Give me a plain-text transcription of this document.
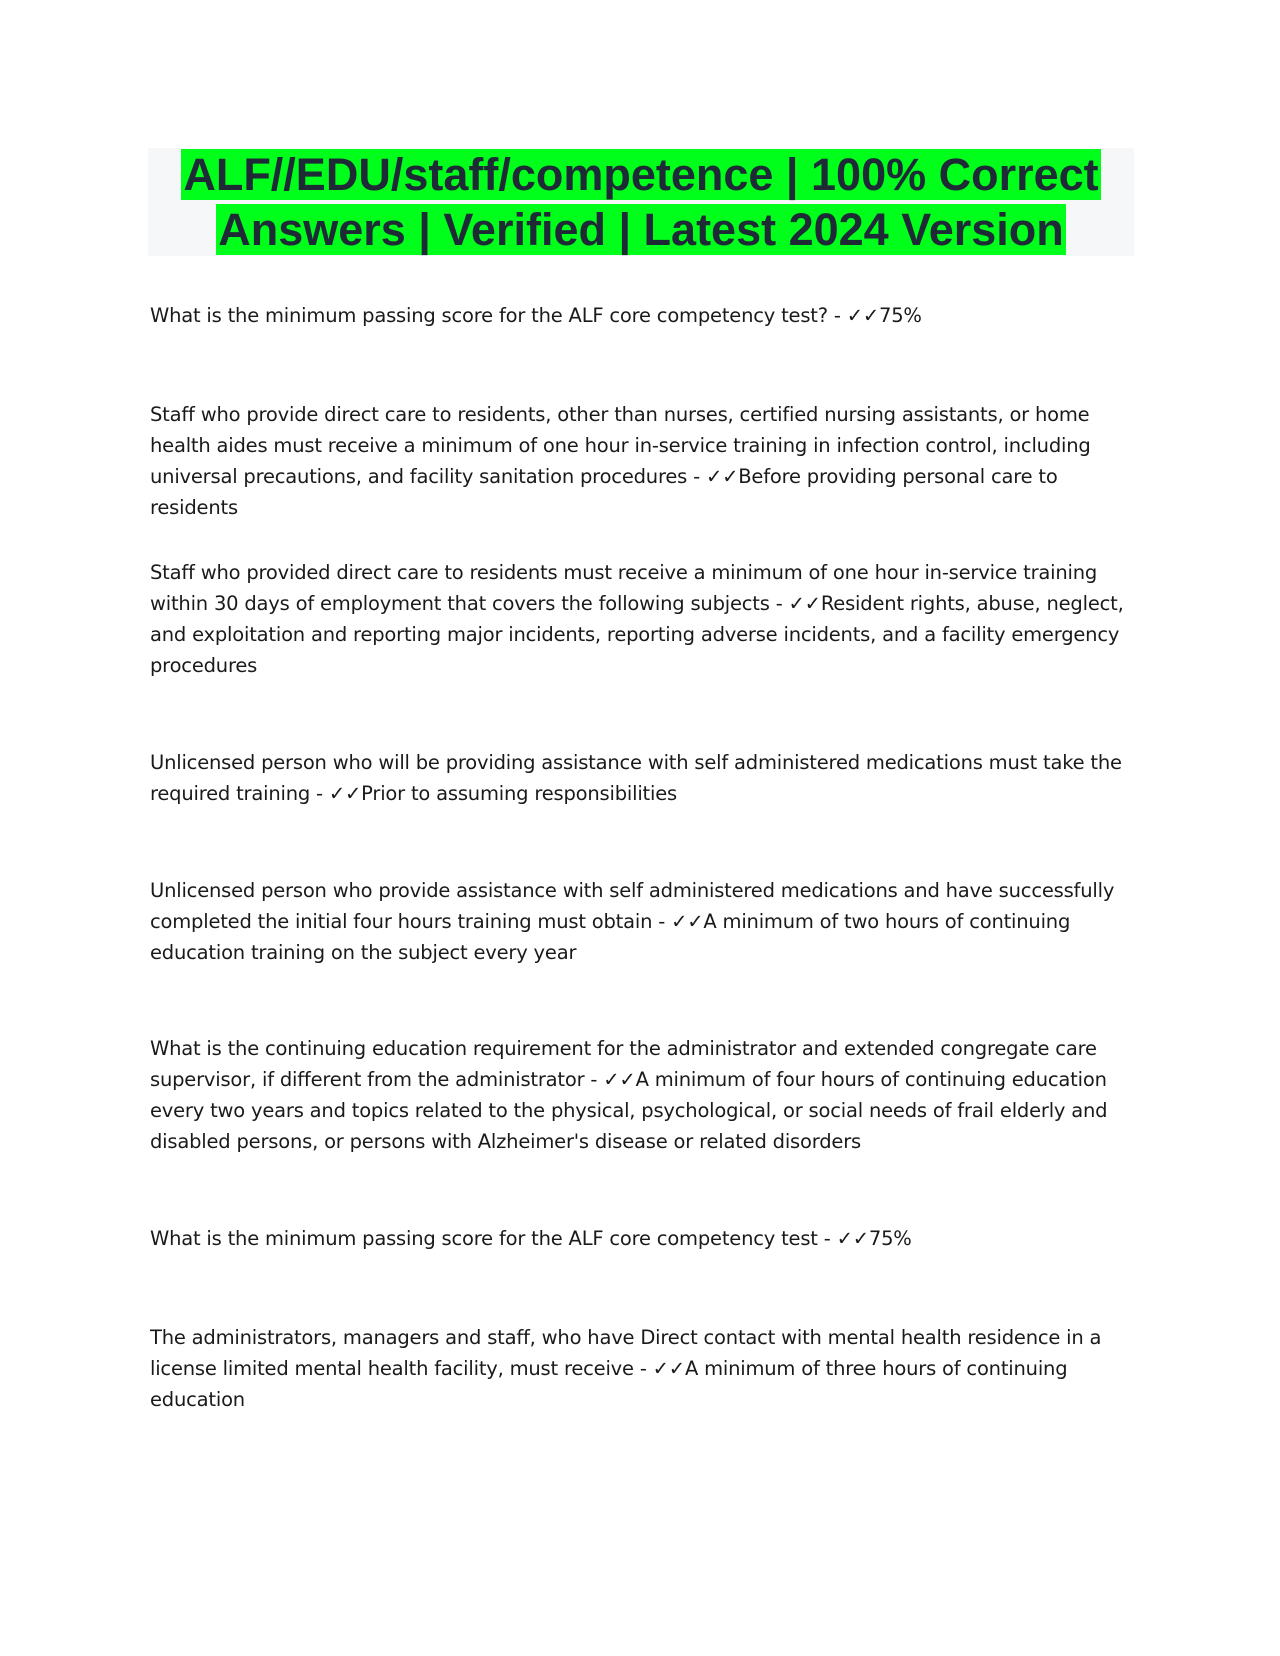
ALF//EDU/staff/competence | 100% Correct Answers | Verified | Latest 2024 Version

What is the minimum passing score for the ALF core competency test? - ✓✓75%

Staff who provide direct care to residents, other than nurses, certified nursing assistants, or home health aides must receive a minimum of one hour in-service training in infection control, including universal precautions, and facility sanitation procedures - ✓✓Before providing personal care to residents

Staff who provided direct care to residents must receive a minimum of one hour in-service training within 30 days of employment that covers the following subjects - ✓✓Resident rights, abuse, neglect, and exploitation and reporting major incidents, reporting adverse incidents, and a facility emergency procedures

Unlicensed person who will be providing assistance with self administered medications must take the required training - ✓✓Prior to assuming responsibilities

Unlicensed person who provide assistance with self administered medications and have successfully completed the initial four hours training must obtain - ✓✓A minimum of two hours of continuing education training on the subject every year

What is the continuing education requirement for the administrator and extended congregate care supervisor, if different from the administrator - ✓✓A minimum of four hours of continuing education every two years and topics related to the physical, psychological, or social needs of frail elderly and disabled persons, or persons with Alzheimer's disease or related disorders

What is the minimum passing score for the ALF core competency test - ✓✓75%

The administrators, managers and staff, who have Direct contact with mental health residence in a license limited mental health facility, must receive - ✓✓A minimum of three hours of continuing education
